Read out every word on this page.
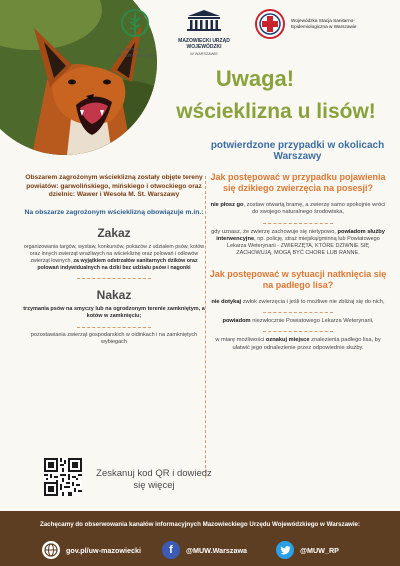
INSPEKCJA WETERYNARYJNA
MAZOWIECKI URZĄD WOJEWÓDZKI
W WARSZAWIE
Wojewódzka Stacja Sanitarno-Epidemiologiczna w Warszawie
Uwaga!
wścieklizna u lisów!
potwierdzone przypadki w okolicach Warszawy
Obszarem zagrożonym wścieklizną zostały objęte tereny powiatów: garwolińskiego, mińskiego i otwockiego oraz dzielnic: Wawer i Wesoła M. St. Warszawy
Na obszarze zagrożonym wścieklizną obowiązuje m.in.:
Zakaz
organizowania targów, wystaw, konkursów, pokazów z udziałem psów, kotów oraz innych zwierząt wrażliwych na wściekliznę oraz polowań i odłowów zwierząt łownych, za wyjątkiem odstrzałów sanitarnych dzików oraz polowań indywidualnych na dziki bez udziału psów i nagonki
Nakaz
trzymania psów na smyczy lub na ogrodzonym terenie zamkniętym, a kotów w zamknięciu;
pozostawiania zwierząt gospodarskich w oidinkach i na zamkniętych wybiegach
Jak postępować w przypadku pojawienia się dzikiego zwierzęcia na posesji?
nie płosz go, zostaw otwartą bramę, a zwierzę samo spokojnie wróci do swojego naturalnego środowiska,
gdy uznasz, że zwierzę zachowuje się nietypowo, powiadom służby interwencyjne, np. policję, straż miejską/gminną lub Powiatowego Lekarza Weterynarii - ZWIERZĘTA, KTÓRE DZIWNIE SIĘ ZACHOWUJĄ, MOGĄ BYĆ CHORE LUB RANNE.
Jak postępować w sytuacji natknięcia się na padłego lisa?
nie dotykaj zwłok zwierzęcia i jeśli to możliwe nie zbliżaj się do nich,
powiadom niezwłocznie Powiatowego Lekarza Weterynarii,
w miarę możliwości oznakuj miejsce znalezienia padłego lisa, by ułatwić jego odnalezienie przez odpowiednie służby.
Zeskanuj kod QR i dowiedz się więcej
Zachęcamy do obserwowania kanałów informacyjnych Mazowieckiego Urzędu Wojewódzkiego w Warszawie:
gov.pl/uw-mazowiecki	f @MUW.Warszawa	@MUW_RP
